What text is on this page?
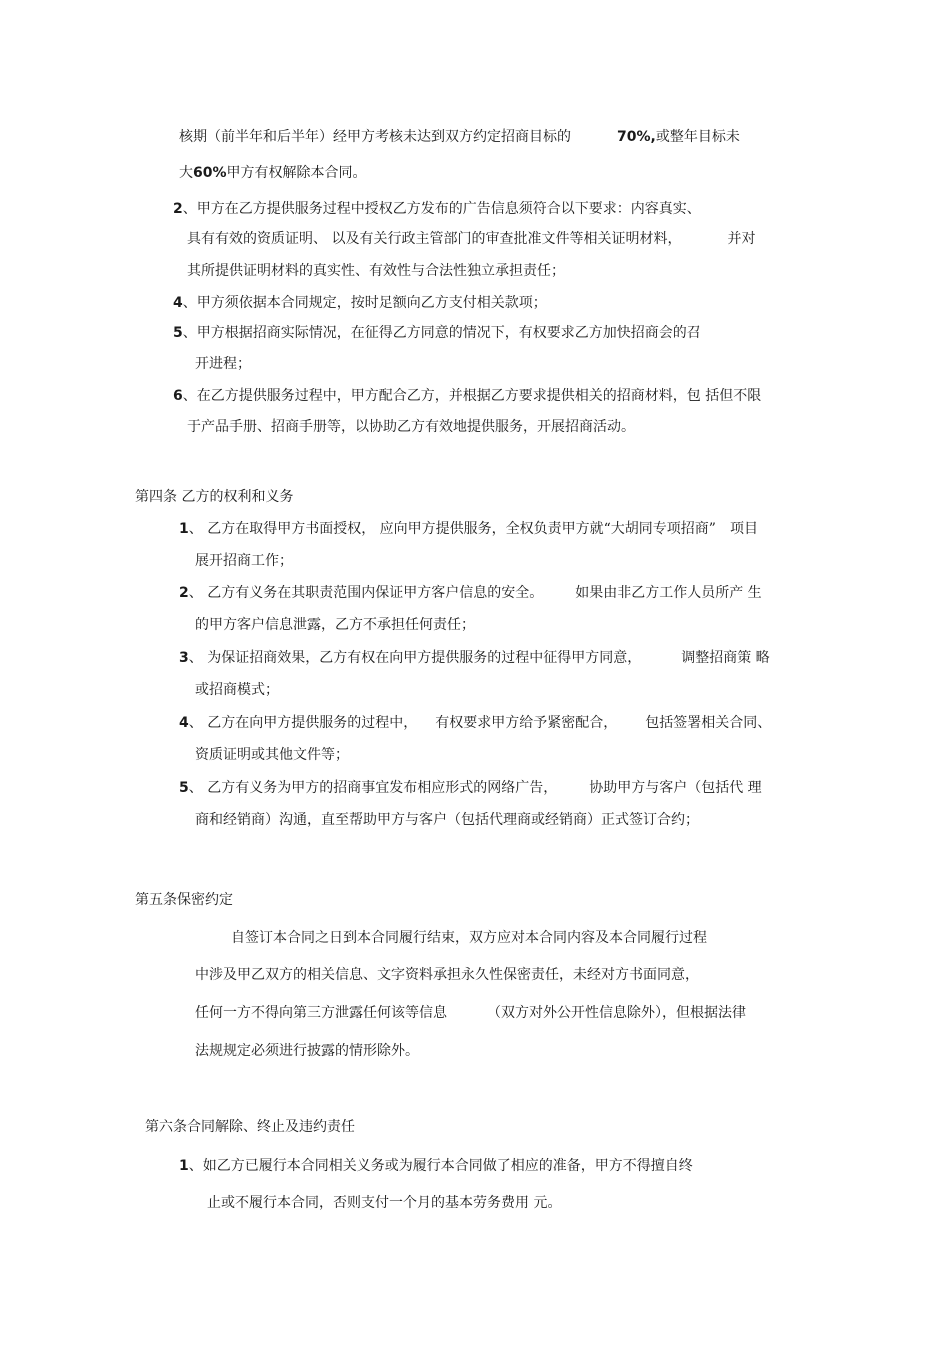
核期（前半年和后半年）经甲方考核未达到双方约定招商目标的	70%,或整年目标未
大60%甲方有权解除本合同。
2、甲方在乙方提供服务过程中授权乙方发布的广告信息须符合以下要求：内容真实、
具有有效的资质证明、 以及有关行政主管部门的审查批准文件等相关证明材料，	并对
其所提供证明材料的真实性、有效性与合法性独立承担责任；
4、甲方须依据本合同规定，按时足额向乙方支付相关款项；
5、甲方根据招商实际情况，在征得乙方同意的情况下，有权要求乙方加快招商会的召
开进程；
6、在乙方提供服务过程中，甲方配合乙方，并根据乙方要求提供相关的招商材料，包 括但不限
于产品手册、招商手册等，以协助乙方有效地提供服务，开展招商活动。
第四条 乙方的权利和义务
1、 乙方在取得甲方书面授权， 应向甲方提供服务，全权负责甲方就“大胡同专项招商” 项目
展开招商工作；
2、 乙方有义务在其职责范围内保证甲方客户信息的安全。 如果由非乙方工作人员所产 生
的甲方客户信息泄露，乙方不承担任何责任；
3、 为保证招商效果，乙方有权在向甲方提供服务的过程中征得甲方同意，	调整招商策 略
或招商模式；
4、 乙方在向甲方提供服务的过程中， 有权要求甲方给予紧密配合， 包括签署相关合同、
资质证明或其他文件等；
5、 乙方有义务为甲方的招商事宜发布相应形式的网络广告， 协助甲方与客户（包括代 理
商和经销商）沟通，直至帮助甲方与客户（包括代理商或经销商）正式签订合约；
第五条保密约定
自签订本合同之日到本合同履行结束，双方应对本合同内容及本合同履行过程
中涉及甲乙双方的相关信息、文字资料承担永久性保密责任，未经对方书面同意，
任何一方不得向第三方泄露任何该等信息	（双方对外公开性信息除外），但根据法律
法规规定必须进行披露的情形除外。
第六条合同解除、终止及违约责任
1、如乙方已履行本合同相关义务或为履行本合同做了相应的准备，甲方不得擅自终
止或不履行本合同，否则支付一个月的基本劳务费用 元。
